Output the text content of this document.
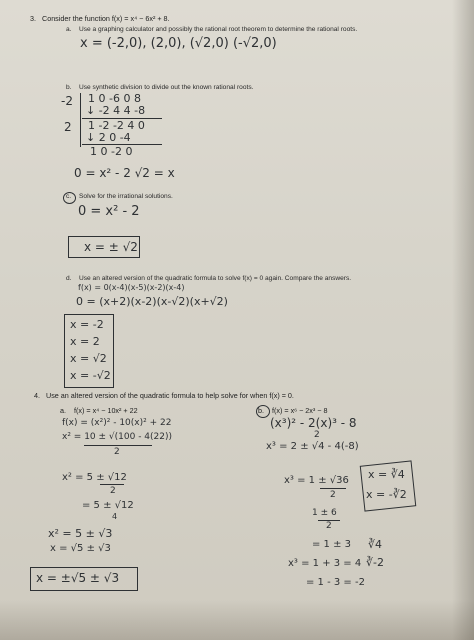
3. Consider the function f(x) = x⁴ − 6x² + 8.
a. Use a graphing calculator and possibly the rational root theorem to determine the rational roots.
x = (-2,0), (2,0), (√2,0) (-√2,0)
b. Use synthetic division to divide out the known rational roots.
-2 1 0 -6 0 8
↓ -2 4 4 -8
2 1 -2 -2 4 0
↓ 2 0 -4
1 0 -2 0
0 = x² - 2 √2 = x
c. Solve for the irrational solutions.
0 = x² - 2
x = ± √2
d. Use an altered version of the quadratic formula to solve f(x) = 0 again. Compare the answers.
f(x) = 0(x-4)(x-5)(x-2)(x-4)
0 = (x+2)(x-2)(x-√2)(x+√2)
x = -2
x = 2
x = √2
x = -√2
4. Use an altered version of the quadratic formula to help solve for when f(x) = 0.
a. f(x) = x⁴ − 10x² + 22
f(x) = (x²)² - 10(x)² + 22
x² = 10 ± √(100 - 4(22))
2
x² = 5 ± √12
2
= 5 ± √12
4
x² = 5 ± √3
x = √5 ± √3
x = ±√5 ± √3
b. f(x) = x⁶ − 2x³ − 8
(x³)² - 2(x)³ - 8
2
x³ = 2 ± √4 - 4(-8)
x³ = 1 ± √36
2
1 ± 6
2
= 1 ± 3
x³ = 1 + 3 = 4
= 1 - 3 = -2
x = ∛4
x = -∛2
∛4
∛-2
